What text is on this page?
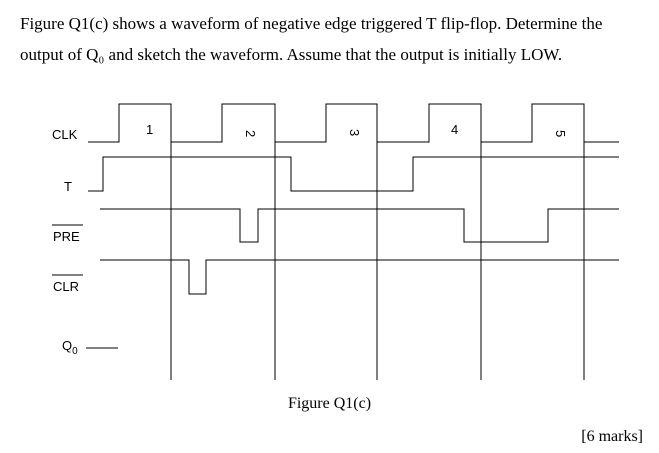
Figure Q1(c) shows a waveform of negative edge triggered T flip-flop. Determine the
output of Q₀ and sketch the waveform. Assume that the output is initially LOW.
CLK
T
PRE
CLR
$Q_0$
1	2	3	4	5
Figure Q1(c)
[6 marks]
